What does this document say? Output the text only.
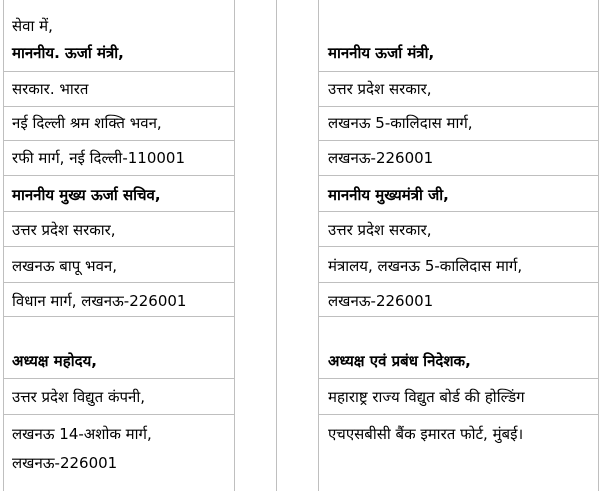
सेवा में,
माननीय. ऊर्जा मंत्री,
सरकार. भारत
नई दिल्ली श्रम शक्ति भवन,
रफी मार्ग, नई दिल्ली-110001
माननीय मुख्य ऊर्जा सचिव,
उत्तर प्रदेश सरकार,
लखनऊ बापू भवन,
विधान मार्ग, लखनऊ-226001
अध्यक्ष महोदय,
उत्तर प्रदेश विद्युत कंपनी,
लखनऊ 14-अशोक मार्ग,
लखनऊ-226001
माननीय ऊर्जा मंत्री,
उत्तर प्रदेश सरकार,
लखनऊ 5-कालिदास मार्ग,
लखनऊ-226001
माननीय मुख्यमंत्री जी,
उत्तर प्रदेश सरकार,
मंत्रालय, लखनऊ 5-कालिदास मार्ग,
लखनऊ-226001
अध्यक्ष एवं प्रबंध निदेशक,
महाराष्ट्र राज्य विद्युत बोर्ड की होल्डिंग
एचएसबीसी बैंक इमारत फोर्ट, मुंबई।
